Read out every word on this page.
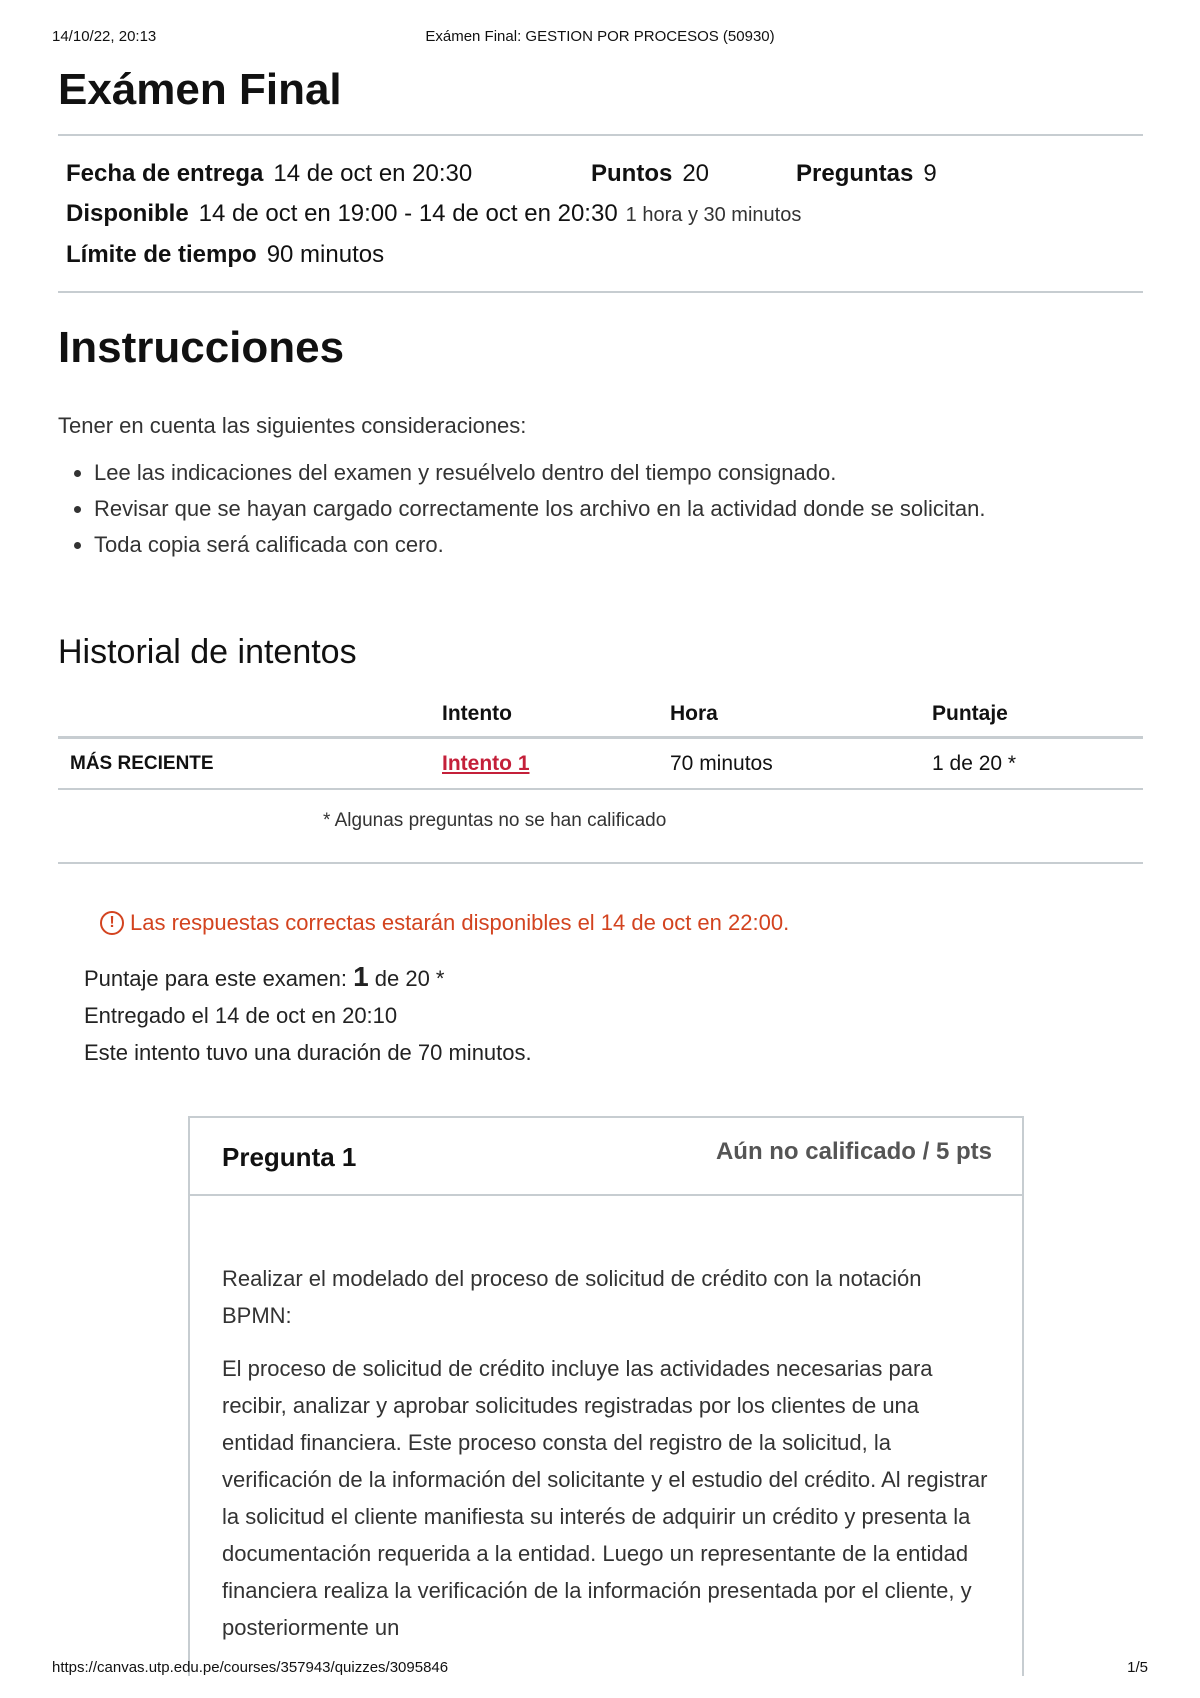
14/10/22, 20:13	Exámen Final: GESTION POR PROCESOS (50930)
Exámen Final
Fecha de entrega 14 de oct en 20:30	Puntos 20	Preguntas 9
Disponible 14 de oct en 19:00 - 14 de oct en 20:30 1 hora y 30 minutos
Límite de tiempo 90 minutos
Instrucciones
Tener en cuenta las siguientes consideraciones:
• Lee las indicaciones del examen y resuélvelo dentro del tiempo consignado.
• Revisar que se hayan cargado correctamente los archivo en la actividad donde se solicitan.
• Toda copia será calificada con cero.
Historial de intentos
	Intento	Hora	Puntaje
MÁS RECIENTE	Intento 1	70 minutos	1 de 20 *
* Algunas preguntas no se han calificado
! Las respuestas correctas estarán disponibles el 14 de oct en 22:00.
Puntaje para este examen: 1 de 20 *
Entregado el 14 de oct en 20:10
Este intento tuvo una duración de 70 minutos.
Pregunta 1	Aún no calificado / 5 pts

Realizar el modelado del proceso de solicitud de crédito con la notación BPMN:

El proceso de solicitud de crédito incluye las actividades necesarias para recibir, analizar y aprobar solicitudes registradas por los clientes de una entidad financiera. Este proceso consta del registro de la solicitud, la verificación de la información del solicitante y el estudio del crédito. Al registrar la solicitud el cliente manifiesta su interés de adquirir un crédito y presenta la documentación requerida a la entidad. Luego un representante de la entidad financiera realiza la verificación de la información presentada por el cliente, y posteriormente un

https://canvas.utp.edu.pe/courses/357943/quizzes/3095846	1/5
